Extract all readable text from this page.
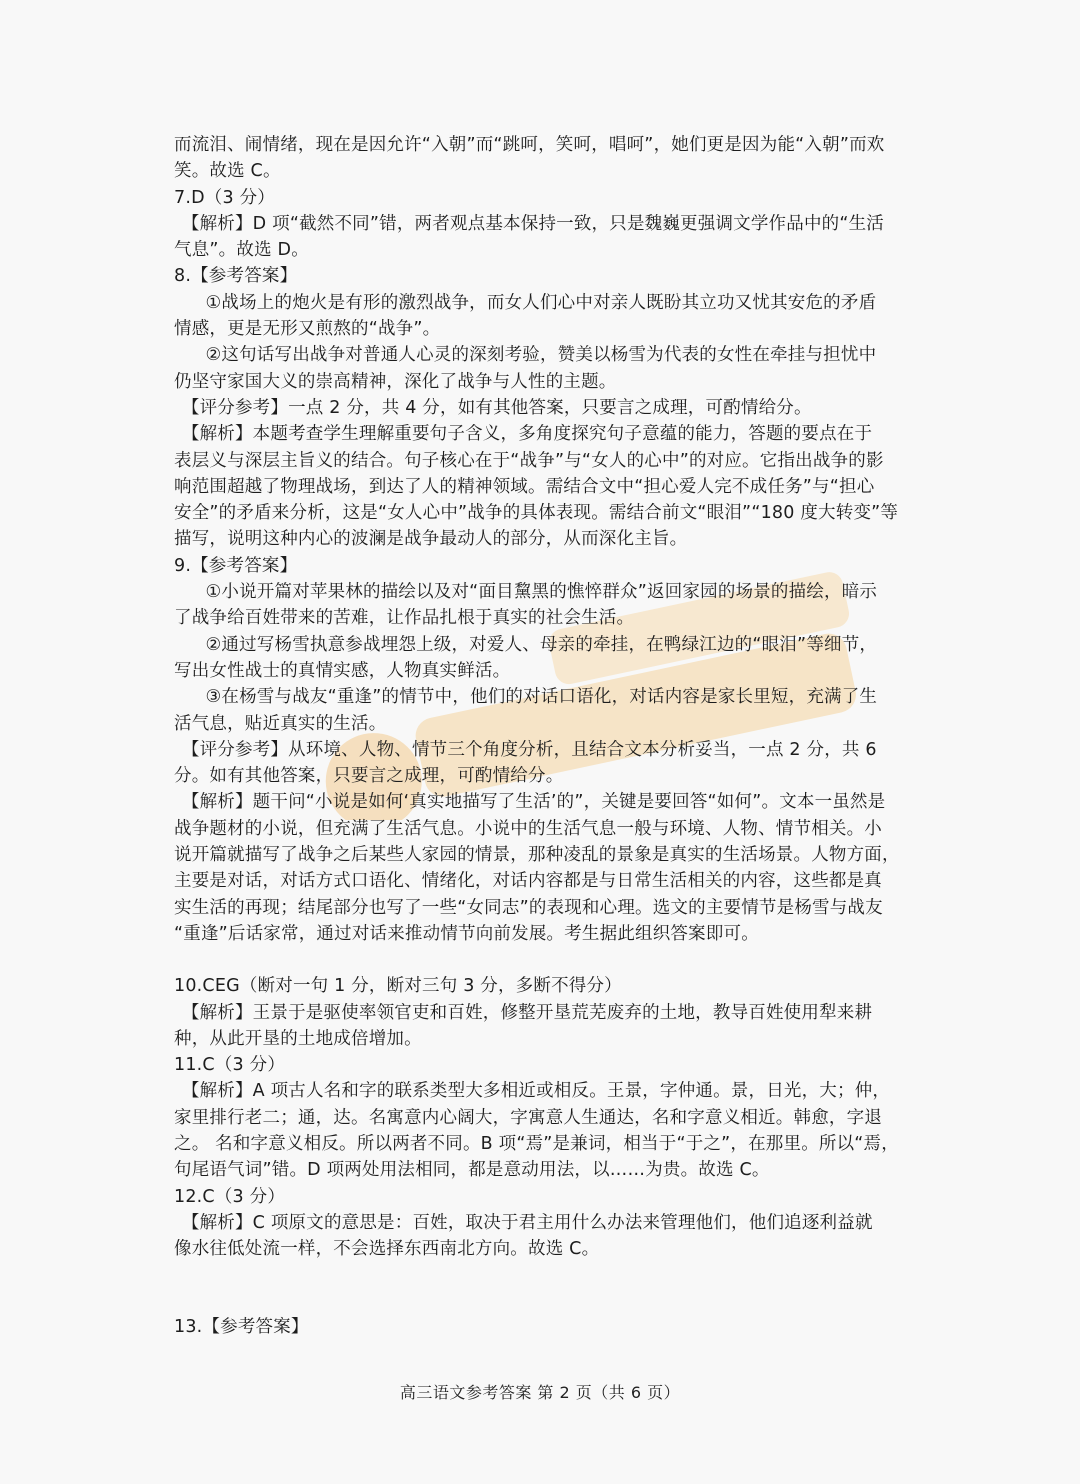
而流泪、闹情绪，现在是因允许“入朝”而“跳呵，笑呵，唱呵”，她们更是因为能“入朝”而欢

笑。故选 C。

7.D（3 分）

【解析】D 项“截然不同”错，两者观点基本保持一致，只是魏巍更强调文学作品中的“生活

气息”。故选 D。

8.【参考答案】

①战场上的炮火是有形的激烈战争，而女人们心中对亲人既盼其立功又忧其安危的矛盾

情感，更是无形又煎熬的“战争”。

②这句话写出战争对普通人心灵的深刻考验，赞美以杨雪为代表的女性在牵挂与担忧中

仍坚守家国大义的崇高精神，深化了战争与人性的主题。

【评分参考】一点 2 分，共 4 分，如有其他答案，只要言之成理，可酌情给分。

【解析】本题考查学生理解重要句子含义，多角度探究句子意蕴的能力，答题的要点在于

表层义与深层主旨义的结合。句子核心在于“战争”与“女人的心中”的对应。它指出战争的影

响范围超越了物理战场，到达了人的精神领域。需结合文中“担心爱人完不成任务”与“担心

安全”的矛盾来分析，这是“女人心中”战争的具体表现。需结合前文“眼泪”“180 度大转变”等

描写，说明这种内心的波澜是战争最动人的部分，从而深化主旨。

9.【参考答案】

①小说开篇对苹果林的描绘以及对“面目黧黑的憔悴群众”返回家园的场景的描绘，暗示

了战争给百姓带来的苦难，让作品扎根于真实的社会生活。

②通过写杨雪执意参战埋怨上级，对爱人、母亲的牵挂，在鸭绿江边的“眼泪”等细节，

写出女性战士的真情实感，人物真实鲜活。

③在杨雪与战友“重逢”的情节中，他们的对话口语化，对话内容是家长里短，充满了生

活气息，贴近真实的生活。

【评分参考】从环境、人物、情节三个角度分析，且结合文本分析妥当，一点 2 分，共 6

分。如有其他答案，只要言之成理，可酌情给分。

【解析】题干问“小说是如何‘真实地描写了生活’的”，关键是要回答“如何”。文本一虽然是

战争题材的小说，但充满了生活气息。小说中的生活气息一般与环境、人物、情节相关。小

说开篇就描写了战争之后某些人家园的情景，那种凌乱的景象是真实的生活场景。人物方面，

主要是对话，对话方式口语化、情绪化，对话内容都是与日常生活相关的内容，这些都是真

实生活的再现；结尾部分也写了一些“女同志”的表现和心理。选文的主要情节是杨雪与战友

“重逢”后话家常，通过对话来推动情节向前发展。考生据此组织答案即可。

10.CEG（断对一句 1 分，断对三句 3 分，多断不得分）

【解析】王景于是驱使率领官吏和百姓，修整开垦荒芜废弃的土地，教导百姓使用犁来耕

种，从此开垦的土地成倍增加。

11.C（3 分）

【解析】A 项古人名和字的联系类型大多相近或相反。王景，字仲通。景，日光，大；仲，

家里排行老二；通，达。名寓意内心阔大，字寓意人生通达，名和字意义相近。韩愈，字退

之。 名和字意义相反。所以两者不同。B 项“焉”是兼词，相当于“于之”，在那里。所以“焉，

句尾语气词”错。D 项两处用法相同，都是意动用法，以……为贵。故选 C。

12.C（3 分）

【解析】C 项原文的意思是：百姓，取决于君主用什么办法来管理他们，他们追逐利益就

像水往低处流一样，不会选择东西南北方向。故选 C。

13.【参考答案】

高三语文参考答案 第 2 页（共 6 页）
